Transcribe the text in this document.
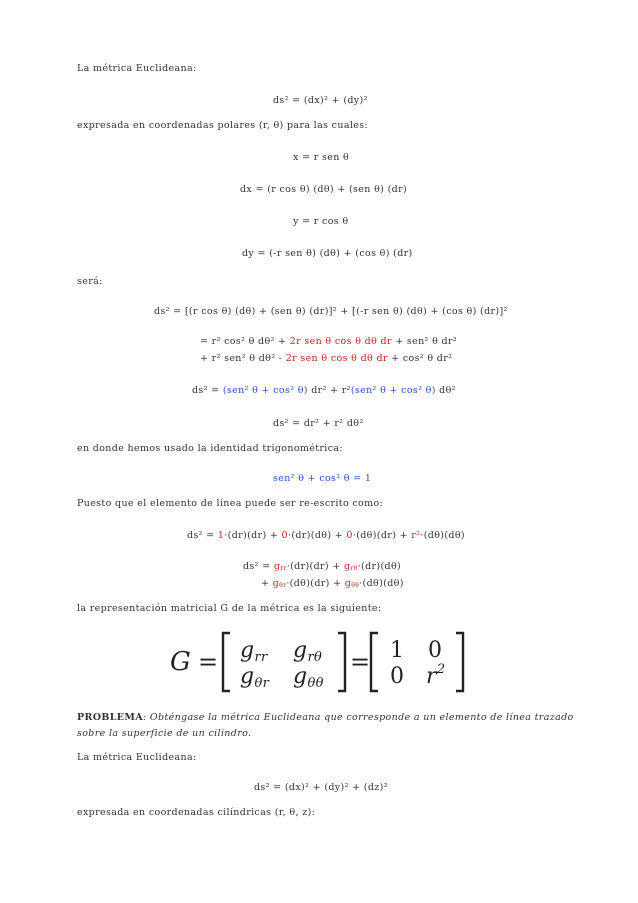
La métrica Euclideana:
ds² = (dx)² + (dy)²
expresada en coordenadas polares (r, θ) para las cuales:
x = r sen θ
dx = (r cos θ) (dθ) + (sen θ) (dr)
y = r cos θ
dy = (-r sen θ) (dθ) + (cos θ) (dr)
será:
ds² = [(r cos θ) (dθ) + (sen θ) (dr)]² + [(-r sen θ) (dθ) + (cos θ) (dr)]²
= r² cos² θ dθ² + 2r sen θ cos θ dθ dr + sen² θ dr²
+ r² sen² θ dθ² - 2r sen θ cos θ dθ dr + cos² θ dr²
ds² = (sen² θ + cos² θ) dr² + r²(sen² θ + cos² θ) dθ²
ds² = dr² + r² dθ²
en donde hemos usado la identidad trigonométrica:
sen² θ + cos² θ = 1
Puesto que el elemento de línea puede ser re-escrito como:
ds² = 1·(dr)(dr) + 0·(dr)(dθ) + 0·(dθ)(dr) + r²·(dθ)(dθ)
$ds^2 = g_{rr}\cdot(dr)(dr) + g_{r\theta}\cdot(dr)(d\theta)$
+ $g_{\theta r}\cdot(d\theta)(dr) + g_{\theta\theta}\cdot(d\theta)(d\theta)$
la representación matricial G de la métrica es la siguiente:
G = grr grθ
gθr gθθ
= 1 0
0 $r^2$
PROBLEMA: Obténgase la métrica Euclideana que corresponde a un elemento de línea trazado
sobre la superficie de un cilindro.
La métrica Euclideana:
ds² = (dx)² + (dy)² + (dz)²
expresada en coordenadas cilíndricas (r, θ, z):
